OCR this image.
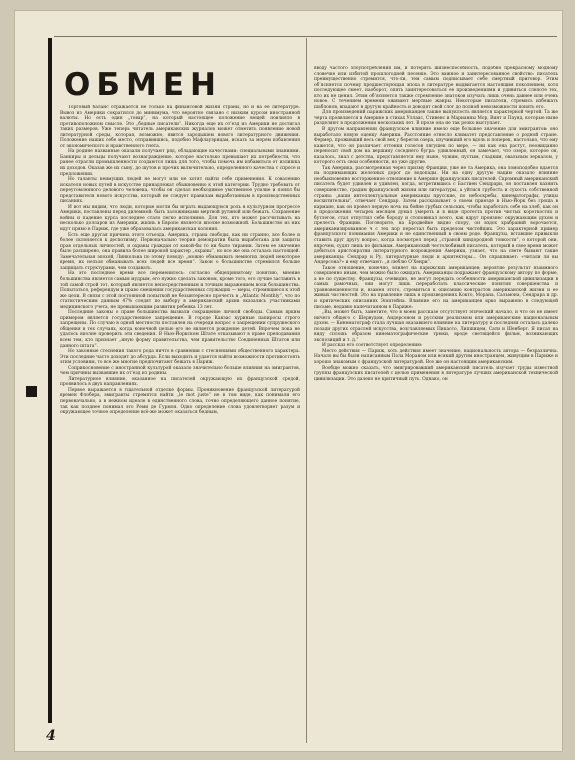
ОБМЕН

Торговый баланс отражается не только на финансовой жизни страны, но и на ее литературе. Вывоз из Америки сократился до минимума, что вероятно связано с низким курсом иностранной валюты. Но есть один „товар“, на который настоящее положение вещей повлияло в противоположном смысле. Это „бедные писатели“. Никогда еще их от’езд из Америки не достигал таких размеров. Уже теперь читатель американских журналов может отметить появление новой литературной среды, которая, возможно, явится зародышем нового литературного движения. Положение наших себе место, отправившись, подобно Мафлауэрицам, искать за морем избавления от экономического и нравственного гнета.

На родине названные оказали получают ряд, обладающие качествами: специальными знаниями. Банкиры и дельцы получают вознаграждение, которое настолько превышает их потребности, что ранее отрасли промышленности создаются лишь для того, чтобы помочь им избавиться от излишка их доходов. Оказав же их сыну, до шутов и прочих включительно, определенного качества с спросе и предложении.

Но таланты неимущих людей не могут или не хотят найти себе применения. К совалению искателя новых путей в искусстве принадлежат обыкновенно к этой категории. Трудно требовать от переутомленного делового человека, чтобы он сделал необходимое умственное усилие и понял бы представителя нового искусства, который не следует правилам выработанным в производственных писаниях.

И вот мы видим, что люди, которые могли бы играть выдающуюся роль в культурном прогрессе Америки, поставлены перед дилеммой: быть заложниками мертвой рутиной или бежать. Сохранение войны и падение курса последнее стало легко исполнимо. Для тех, кто может рассчитывать на несколько долларов из Америки, жизнь в Европе является вполне возможной. Большинство из них идут прямо в Париж, где уже образовалась американская колония.

Есть еще другая причина этого отъезда. Америка, страна свободы, как ни странно, все более и более склоняется к деспотизму. Первоначально теория демократии была выработана для защиты прав отдельных личностей, и охраны граждан от какой-бы то ни было тирании. Затем ее значение было расширено, она правила более широкой характер „охраны“, но все же она осталась настоящей. Замечательная эпохой, Линкольна по этому поводу: „можно обманывать немногих людей некоторое время, их нельзя обманывать всех людей все время“. Закон о большинстве стремился больше защищать структурами, чем создавать.

На это последнее время все переменилось: согласно общепринятому понятию, мнение большинства является самым мудрым, его нужно сделать законом, кроме того, его лучше заставить в той самой строй тот, который является непосредственным и точным выражением воли большинства. Попытаться, референдум и право смещения государственных служащих — меры, стремящиеся к этой же цели. В связи с этой постоянной попыткой не безынтересно прочесть в „Atlantic Monthly“, что по статистическим данным 47% следят по выбору в американский архив оказались участниками медицинского учета, не превышающим развития ребенка 13 лет.

Последние законы о праве большинства вызвали сокращение личной свободы. Самым ярким примером является государственное запрещение. В городе Канзас куриные папиросы строго запрещены. По случаю в одной местности поставлен на очереди вопрос о запрещении супружеского общения в тех случаях, когда конечной целью его не является рождение детей. Впрочем пока не удалось вполне проверить эти сведения. В Нью-Йоркском Штате отказывают в праве преподавания всем тем, кто признает „иную форму правительства, чем правительство Соединенных Штатов или данного штата“.

Но законные стеснения такого рода ничто в сравнении с стеснениями общественного характера. Эти последние часто доходят до абсурда. Если выходить и удается найти возможности противостоять этим условиям, то все же многие предпочитают бежать в Париж.

Соприкосновение с иностранной культурой оказало значительно больше влияния на эмигрантов, чем причины вызвавшие их от’езд из родины.

Литературное влияние, оказанное на писателей окружающую их французской средой, проявилось в двух направлениях.

Первое выражается в тщательной отделке формы. Проникновение французской литературой времен Флобера, эмигранты стремятся найти „le mot juste“ не в том виде, как понимали его первоначально, а в нежном идеале в единственного слова, точно определяющего данное понятие, так как позднее понимал это Реми де Гурмон. Одно определение слова удовлетворяет разум и окружающее точное определение всё-же может оказаться бедным,

вводу частого злоупотребления им, и потерять жизнеспособность, подобно прекрасному модному словечке или избитой прошлогодней песенке. Это важное и заинтересованное свойство: писатель преимущественно стремится, что-ли, тем самым подписывает себе смертный приговор. Этим об’ясняется почему предшествующая эпоха в литературе выдвигается настоящим поколением, хотя последующее смеет, наоборот, опять заинтересоваться ее произведениями и удивиться слепоте тех, кто их не ценил. Этим об’ясняется также стремление знатоков изучать лишь очень давнее или очень новое. С течением времени оживают мертвые жанры. Некоторые писатели, стремясь избежать шаблонов, впадают в другую крайность и доводят свой слог до полной невозможности понять его.

Для произведений парижских американцев также выпуклость является характерной чертой. Та же черта проявляется в Америке в стихах Уллаас, Стивенс и Марианны Мор, Винт и Паунд, которые ныне разделяют в продолжении нескольких лет. В прозе она не так резко выступает.

В другом направлении французское влияние имело еще большее значение для эмигрантов: оно выработало новую оценку Америки. Расстояние отнесло климатет представление о родной стране. Фермер, проживший весь свой век у берегов озера, изучивший его вдоль и поперек, настолько, что ему кажется, что он различает оттенки голосов лягушек по мере, — ни как она растут, неожиданно переносит свой дом на вершину соседнего бугра: удивленный, он замечает, что озеро, которое он, казалось, знал с детства, представляется ему ныне, чужим, пустым, гладким, овальным зеркалом, у которого есть свои особенности, но уже другие.

Так Америка, рассмотренная через призму Франции, уже не та Америка, она ломоподобно вдается на поднимающих железных дорог до водопады. Ни на одну другую нацию оказало влияние необыкновенно восторженное отношение к Америке французских писателей. Скромный американский писатель будет удивлен и удивлен, когда, встретившись с Бастиен Сендрари, он поставлен казнить совершенство, градим французской жизни или литературы, а уйтися грубость и сухость собственной страны: „ваши интеллектуальные американцы прусские, по небоскребы, кинематографы, улицы восхитительны“, отвечает Сендрар. Затем рассказывает о своем приезде в Нью-Йорк без гроша в кармане, как он провел первую ночь на бойне грубых сельских, чтобы заработать себе на хлеб, как он в продолжении четырех месяцев думал умереть и в виде протеста против чистых короткостях и бутлегов, стал отпустил себе бороду и стоповикал всего, как вдруг произнес окружающим духом и прелесть Франции. Поговорите, на Бродвейке видно спору, он вздох храбраний ворочается, американизированное ч с тех пор перестал быть пределом чистейших. Это характерной пример французского понимания Америки и не единственный в своем роде. Французы, вставшие привыкли ставить друг другу вопрос, когда посмотрел перед „страной хиндородной тонкости“, о которой они, впрочем, судят лишь по фильмам. Американский честолюбивый писатель, который в свое время может добиться аристократии литературного возрождения Америки, узнает, что на свете бывают такие американцы: Сендрар и Ру, литературные люди и архитекторы... Он спрашивает: «читали ли вы Андерсона?» и ему отвечают: „я люблю О’Хенри“.

Такое отношение, конечно, влияет на парижских американцев; вероятие результат взаимного совершенно иным, чем можно было ожидать. Американцы подражают французскому автору по форме, а не по существу. Французы, очевидно, не могут передать особенности американской цивилизации в самых рамочных, они могут лишь переработать классические понятия совершенства и уравновешенности и, взамен этого, стремиться к описанию контрастов американской жизни и ее живых частностей. Это на правление лишь в произведениях Кокто, Морана, Сальмона, Сендрара и др. и критических описаниях Эпштейна. Влияние его на американцев ярко выражено в следующей письме, недавно напечатанном в Париже:

„Вы, может быть, заметите, что в моем рассказе отсутствует этический начало, и что он не имеет ничего общего с Шервудом, Андерсоном и русским реализмом или американским национальным духом. — Кинематограф стала лучшая оказавшего влияние на литературу и последняя осталась далеко позади других отраслей искусства, возглавляемых Пикассо, Липшицем, Сати и Шенберг. Я писал на виду сплошь образом кинематографические трюки, вроде светящейся фильм, возникающих экспозиций и т. д.“

И рассказ его соответствует определению:

Место действия — Париж, хоть действия имеет значение, национальность автора — безразлична. Начало вы бы были написанным Пола Мораном или всякий другим иностранцем, живущим в Париже и хорошо знакомым с французской литературой. Все же он настоящим американским.

Вообще можно сказать, что эмигрировавший американский писатель изучает труды известной группы французских писателей с целью применения в литературе лучших американской технической цивилизации. Это далеко не критичный путь. Однако, он

4
